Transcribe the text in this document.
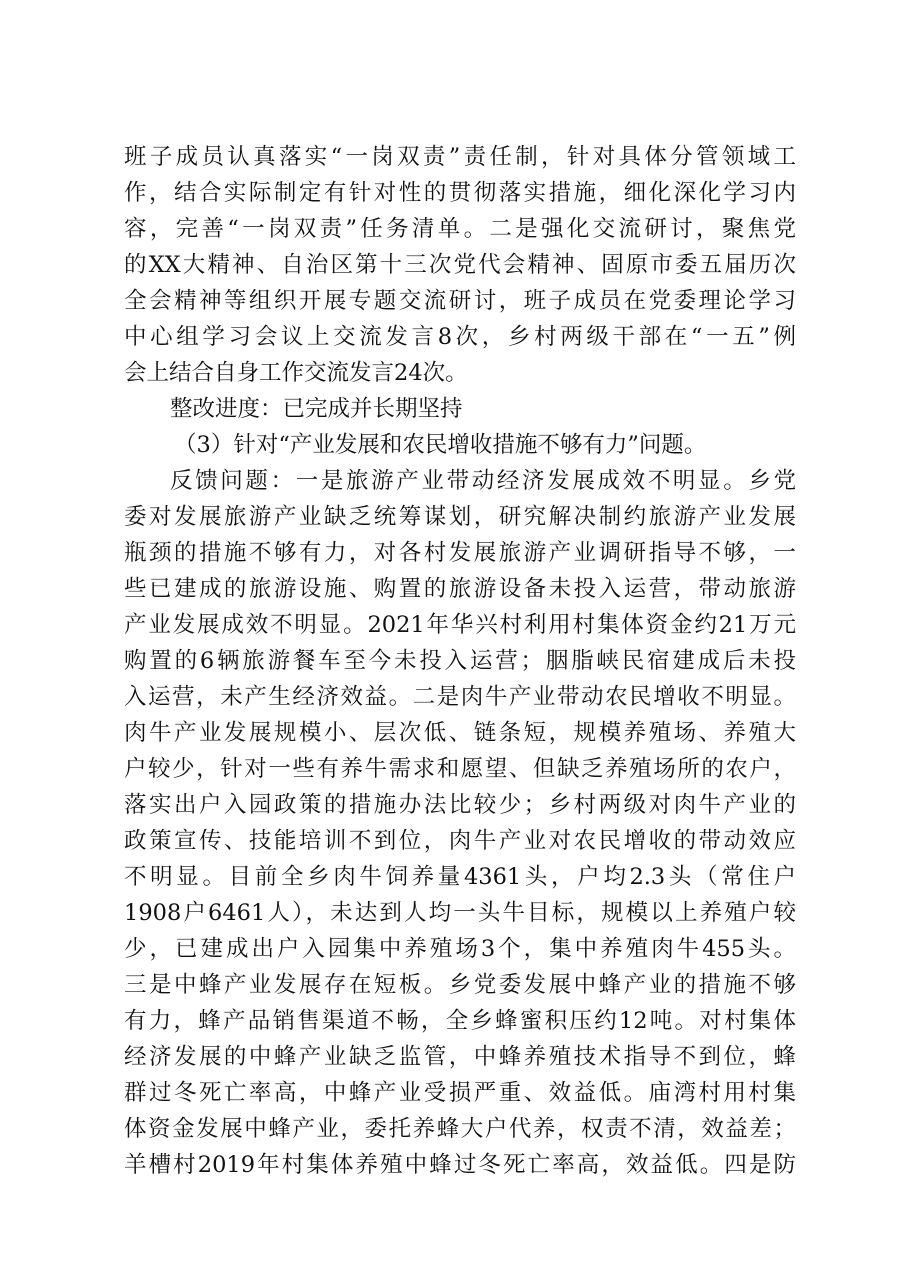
班子成员认真落实“一岗双责”责任制，针对具体分管领域工
作，结合实际制定有针对性的贯彻落实措施，细化深化学习内
容，完善“一岗双责”任务清单。二是强化交流研讨，聚焦党
的XX大精神、自治区第十三次党代会精神、固原市委五届历次
全会精神等组织开展专题交流研讨，班子成员在党委理论学习
中心组学习会议上交流发言8次，乡村两级干部在“一五”例
会上结合自身工作交流发言24次。
整改进度：已完成并长期坚持
（3）针对“产业发展和农民增收措施不够有力”问题。
反馈问题：一是旅游产业带动经济发展成效不明显。乡党
委对发展旅游产业缺乏统筹谋划，研究解决制约旅游产业发展
瓶颈的措施不够有力，对各村发展旅游产业调研指导不够，一
些已建成的旅游设施、购置的旅游设备未投入运营，带动旅游
产业发展成效不明显。2021年华兴村利用村集体资金约21万元
购置的6辆旅游餐车至今未投入运营；胭脂峡民宿建成后未投
入运营，未产生经济效益。二是肉牛产业带动农民增收不明显。
肉牛产业发展规模小、层次低、链条短，规模养殖场、养殖大
户较少，针对一些有养牛需求和愿望、但缺乏养殖场所的农户，
落实出户入园政策的措施办法比较少；乡村两级对肉牛产业的
政策宣传、技能培训不到位，肉牛产业对农民增收的带动效应
不明显。目前全乡肉牛饲养量4361头，户均2.3头（常住户
1908户6461人），未达到人均一头牛目标，规模以上养殖户较
少，已建成出户入园集中养殖场3个，集中养殖肉牛455头。
三是中蜂产业发展存在短板。乡党委发展中蜂产业的措施不够
有力，蜂产品销售渠道不畅，全乡蜂蜜积压约12吨。对村集体
经济发展的中蜂产业缺乏监管，中蜂养殖技术指导不到位，蜂
群过冬死亡率高，中蜂产业受损严重、效益低。庙湾村用村集
体资金发展中蜂产业，委托养蜂大户代养，权责不清，效益差；
羊槽村2019年村集体养殖中蜂过冬死亡率高，效益低。四是防
